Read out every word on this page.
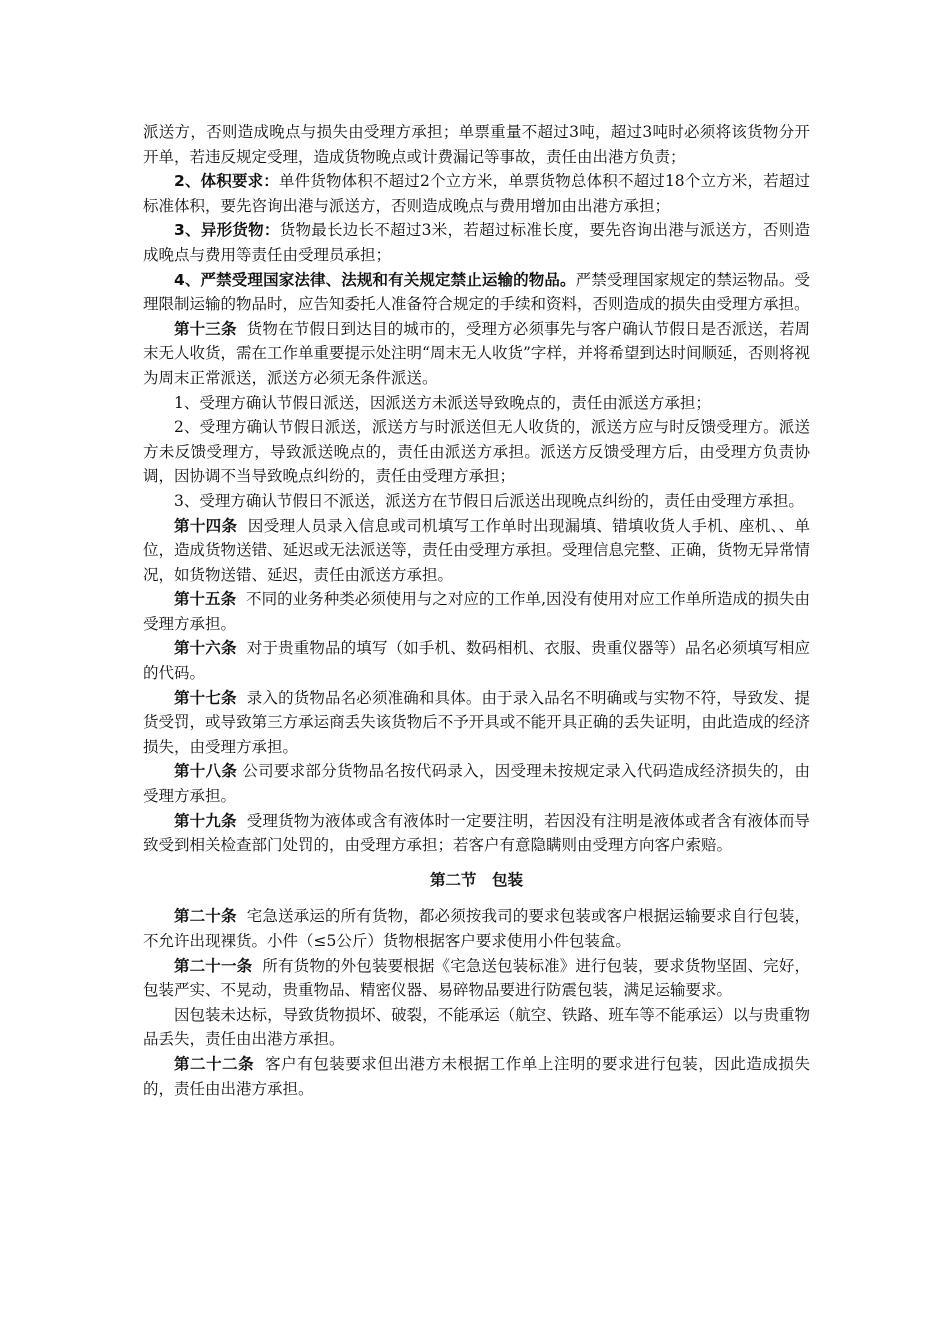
派送方，否则造成晚点与损失由受理方承担；单票重量不超过3吨，超过3吨时必须将该货物分开开单，若违反规定受理，造成货物晚点或计费漏记等事故，责任由出港方负责；

2、体积要求：单件货物体积不超过2个立方米，单票货物总体积不超过18个立方米，若超过标准体积，要先咨询出港与派送方，否则造成晚点与费用增加由出港方承担；

3、异形货物：货物最长边长不超过3米，若超过标准长度，要先咨询出港与派送方，否则造成晚点与费用等责任由受理员承担；

4、严禁受理国家法律、法规和有关规定禁止运输的物品。严禁受理国家规定的禁运物品。受理限制运输的物品时，应告知委托人准备符合规定的手续和资料，否则造成的损失由受理方承担。

第十三条 货物在节假日到达目的城市的，受理方必须事先与客户确认节假日是否派送，若周末无人收货，需在工作单重要提示处注明“周末无人收货”字样，并将希望到达时间顺延，否则将视为周末正常派送，派送方必须无条件派送。

1、受理方确认节假日派送，因派送方未派送导致晚点的，责任由派送方承担；

2、受理方确认节假日派送，派送方与时派送但无人收货的，派送方应与时反馈受理方。派送方未反馈受理方，导致派送晚点的，责任由派送方承担。派送方反馈受理方后，由受理方负责协调，因协调不当导致晚点纠纷的，责任由受理方承担；

3、受理方确认节假日不派送，派送方在节假日后派送出现晚点纠纷的，责任由受理方承担。

第十四条 因受理人员录入信息或司机填写工作单时出现漏填、错填收货人手机、座机、、单位，造成货物送错、延迟或无法派送等，责任由受理方承担。受理信息完整、正确，货物无异常情况，如货物送错、延迟，责任由派送方承担。

第十五条 不同的业务种类必须使用与之对应的工作单,因没有使用对应工作单所造成的损失由受理方承担。

第十六条 对于贵重物品的填写（如手机、数码相机、衣服、贵重仪器等）品名必须填写相应的代码。

第十七条 录入的货物品名必须准确和具体。由于录入品名不明确或与实物不符，导致发、提货受罚，或导致第三方承运商丢失该货物后不予开具或不能开具正确的丢失证明，由此造成的经济损失，由受理方承担。

第十八条 公司要求部分货物品名按代码录入，因受理未按规定录入代码造成经济损失的，由受理方承担。

第十九条 受理货物为液体或含有液体时一定要注明，若因没有注明是液体或者含有液体而导致受到相关检查部门处罚的，由受理方承担；若客户有意隐瞒则由受理方向客户索赔。

第二节　包装

第二十条 宅急送承运的所有货物，都必须按我司的要求包装或客户根据运输要求自行包装，不允许出现裸货。小件（≤5公斤）货物根据客户要求使用小件包装盒。

第二十一条 所有货物的外包装要根据《宅急送包装标准》进行包装，要求货物坚固、完好，包装严实、不晃动，贵重物品、精密仪器、易碎物品要进行防震包装，满足运输要求。

因包装未达标，导致货物损坏、破裂，不能承运（航空、铁路、班车等不能承运）以与贵重物品丢失，责任由出港方承担。

第二十二条 客户有包装要求但出港方未根据工作单上注明的要求进行包装，因此造成损失的，责任由出港方承担。
